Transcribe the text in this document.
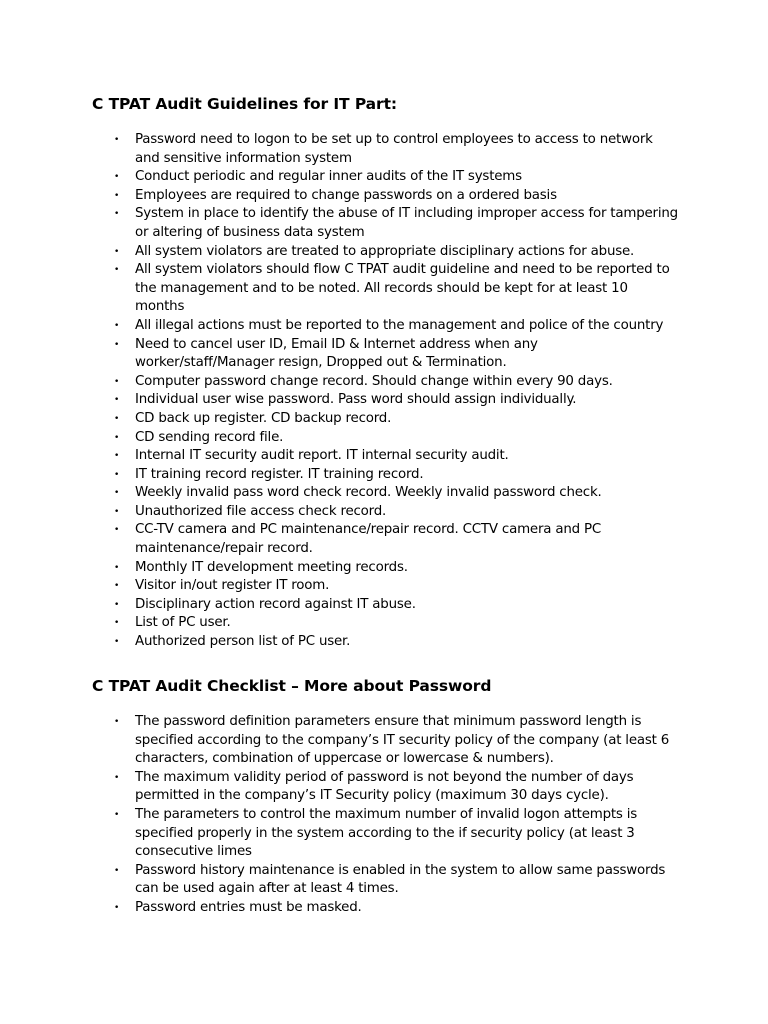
C TPAT Audit Guidelines for IT Part:
• Password need to logon to be set up to control employees to access to network and sensitive information system
• Conduct periodic and regular inner audits of the IT systems
• Employees are required to change passwords on a ordered basis
• System in place to identify the abuse of IT including improper access for tampering or altering of business data system
• All system violators are treated to appropriate disciplinary actions for abuse.
• All system violators should flow C TPAT audit guideline and need to be reported to the management and to be noted. All records should be kept for at least 10 months
• All illegal actions must be reported to the management and police of the country
• Need to cancel user ID, Email ID & Internet address when any worker/staff/Manager resign, Dropped out & Termination.
• Computer password change record. Should change within every 90 days.
• Individual user wise password. Pass word should assign individually.
• CD back up register. CD backup record.
• CD sending record file.
• Internal IT security audit report. IT internal security audit.
• IT training record register. IT training record.
• Weekly invalid pass word check record. Weekly invalid password check.
• Unauthorized file access check record.
• CC-TV camera and PC maintenance/repair record. CCTV camera and PC maintenance/repair record.
• Monthly IT development meeting records.
• Visitor in/out register IT room.
• Disciplinary action record against IT abuse.
• List of PC user.
• Authorized person list of PC user.
C TPAT Audit Checklist – More about Password
• The password definition parameters ensure that minimum password length is specified according to the company’s IT security policy of the company (at least 6 characters, combination of uppercase or lowercase & numbers).
• The maximum validity period of password is not beyond the number of days permitted in the company’s IT Security policy (maximum 30 days cycle).
• The parameters to control the maximum number of invalid logon attempts is specified properly in the system according to the if security policy (at least 3 consecutive limes
• Password history maintenance is enabled in the system to allow same passwords can be used again after at least 4 times.
• Password entries must be masked.
